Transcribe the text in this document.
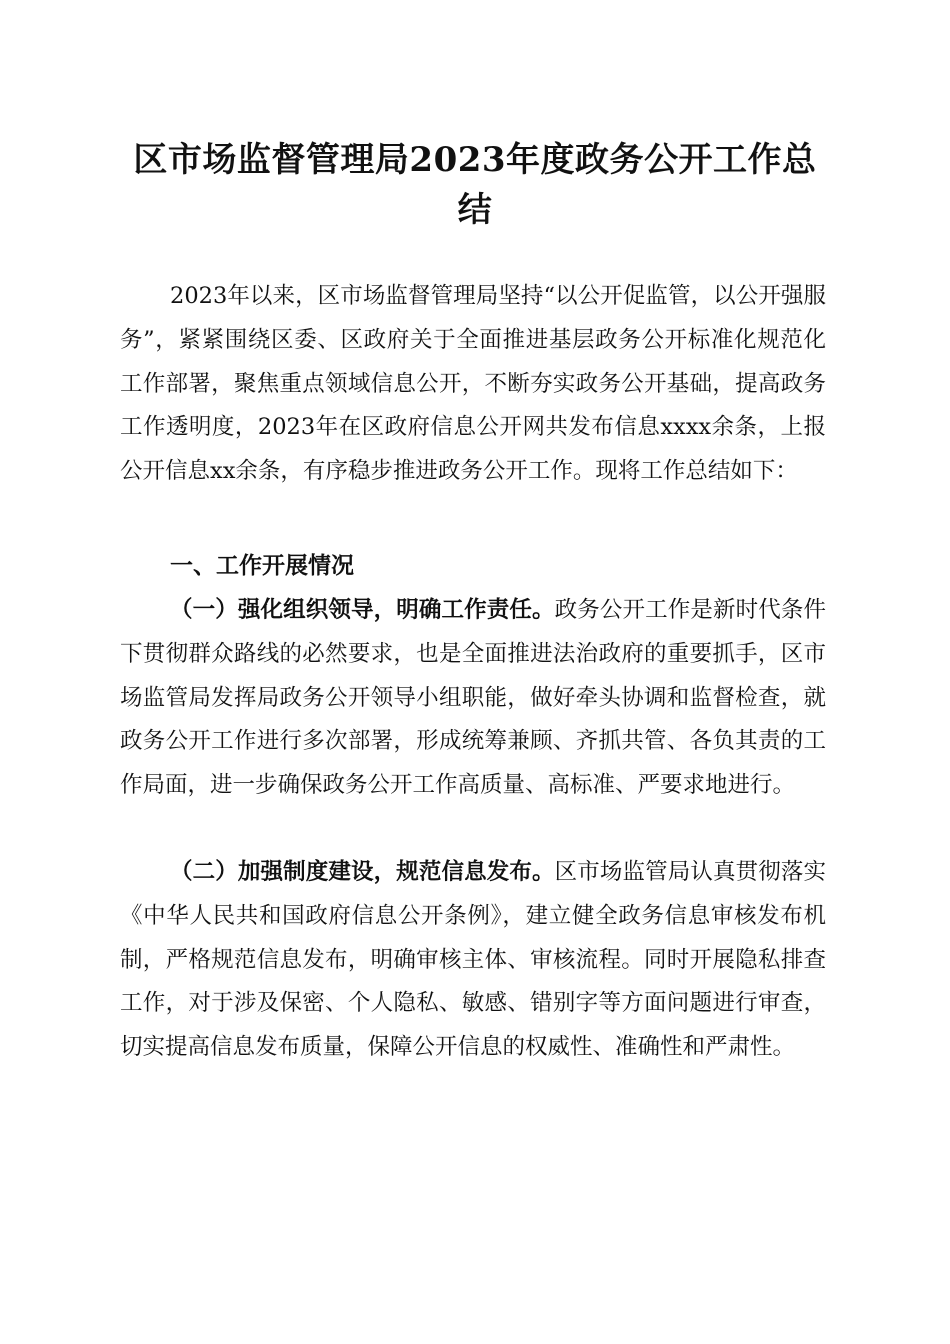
区市场监督管理局2023年度政务公开工作总结

2023年以来，区市场监督管理局坚持“以公开促监管，以公开强服务”，紧紧围绕区委、区政府关于全面推进基层政务公开标准化规范化工作部署，聚焦重点领域信息公开，不断夯实政务公开基础，提高政务工作透明度，2023年在区政府信息公开网共发布信息xxxx余条，上报公开信息xx余条，有序稳步推进政务公开工作。现将工作总结如下：

一、工作开展情况

（一）强化组织领导，明确工作责任。政务公开工作是新时代条件下贯彻群众路线的必然要求，也是全面推进法治政府的重要抓手，区市场监管局发挥局政务公开领导小组职能，做好牵头协调和监督检查，就政务公开工作进行多次部署，形成统筹兼顾、齐抓共管、各负其责的工作局面，进一步确保政务公开工作高质量、高标准、严要求地进行。

（二）加强制度建设，规范信息发布。区市场监管局认真贯彻落实《中华人民共和国政府信息公开条例》，建立健全政务信息审核发布机制，严格规范信息发布，明确审核主体、审核流程。同时开展隐私排查工作，对于涉及保密、个人隐私、敏感、错别字等方面问题进行审查，切实提高信息发布质量，保障公开信息的权威性、准确性和严肃性。
